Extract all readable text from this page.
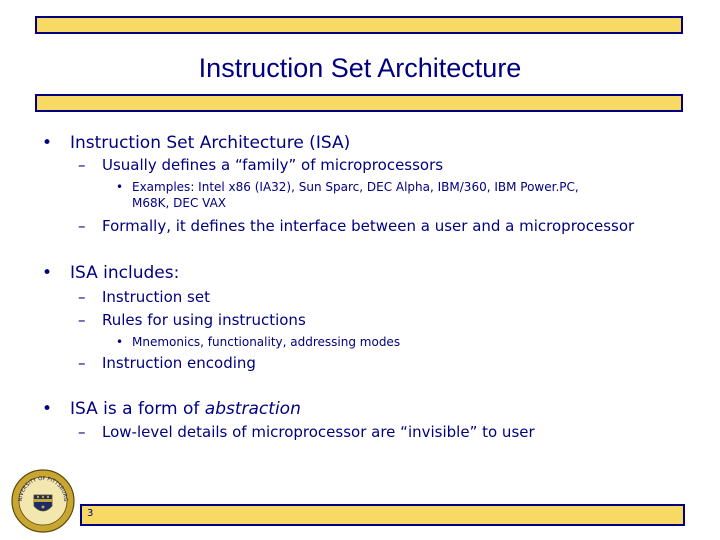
Instruction Set Architecture
• Instruction Set Architecture (ISA)

– Usually defines a “family” of microprocessors

• Examples: Intel x86 (IA32), Sun Sparc, DEC Alpha, IBM/360, IBM Power.PC,

M68K, DEC VAX

– Formally, it defines the interface between a user and a microprocessor

• ISA includes:

– Instruction set

– Rules for using instructions

• Mnemonics, functionality, addressing modes

– Instruction encoding

• ISA is a form of abstraction

– Low-level details of microprocessor are “invisible” to user

NIVERSITY OF PITTSBURG
3
